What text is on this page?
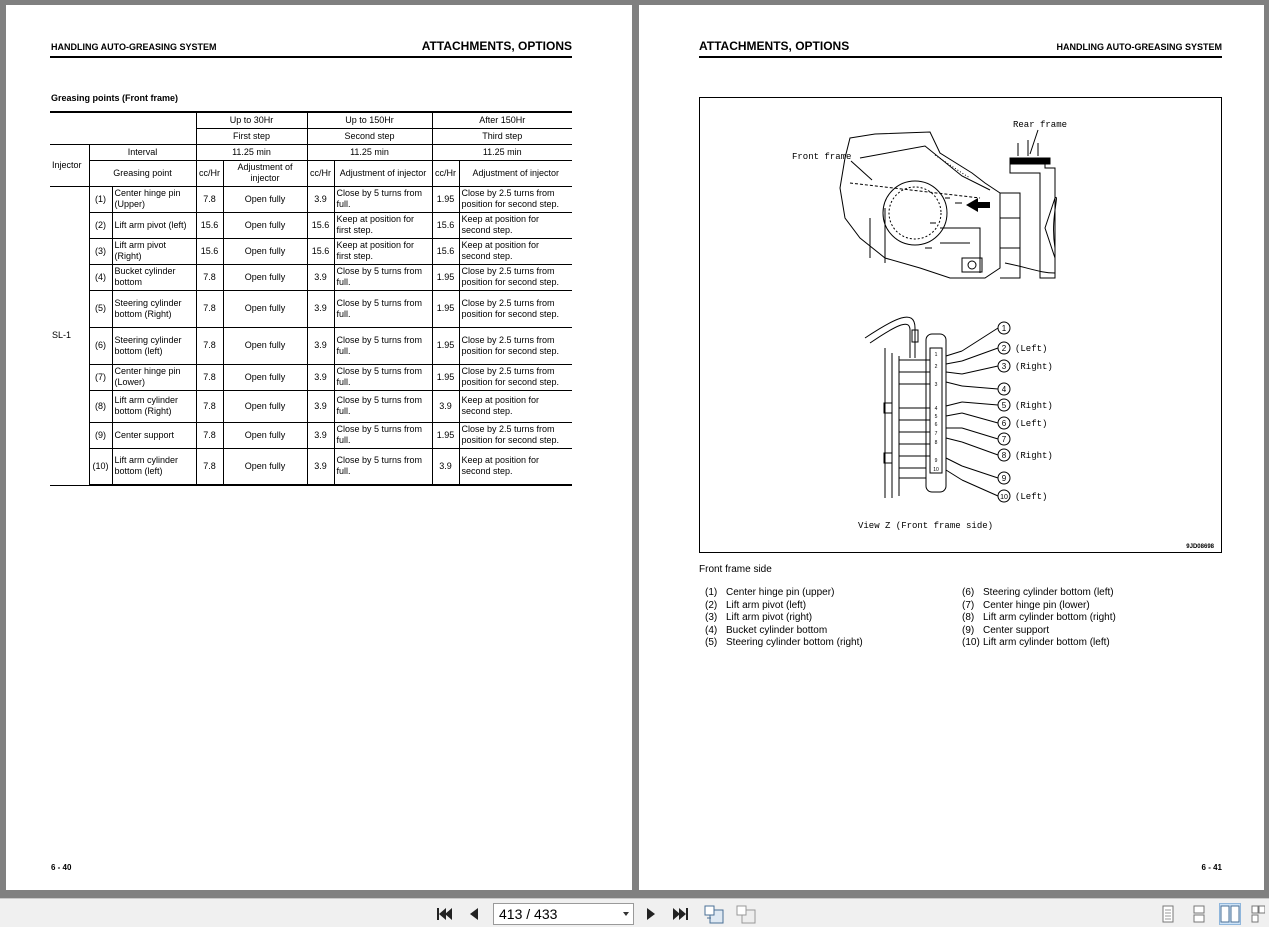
HANDLING AUTO-GREASING SYSTEM	ATTACHMENTS, OPTIONS
Greasing points (Front frame)
			Up to 30Hr		Up to 150Hr		After 150Hr	
			First step		Second step		Third step	
Injector	Interval		11.25 min		11.25 min		11.25 min	
	Greasing point		cc/Hr	Adjustment of injector	cc/Hr	Adjustment of injector	cc/Hr	Adjustment of injector
SL-1	(1)	Center hinge pin (Upper)	7.8	Open fully	3.9	Close by 5 turns from full.	1.95	Close by 2.5 turns from position for second step.
	(2)	Lift arm pivot (left)	15.6	Open fully	15.6	Keep at position for first step.	15.6	Keep at position for second step.
	(3)	Lift arm pivot (Right)	15.6	Open fully	15.6	Keep at position for first step.	15.6	Keep at position for second step.
	(4)	Bucket cylinder bottom	7.8	Open fully	3.9	Close by 5 turns from full.	1.95	Close by 2.5 turns from position for second step.
	(5)	Steering cylinder bottom (Right)	7.8	Open fully	3.9	Close by 5 turns from full.	1.95	Close by 2.5 turns from position for second step.
	(6)	Steering cylinder bottom (left)	7.8	Open fully	3.9	Close by 5 turns from full.	1.95	Close by 2.5 turns from position for second step.
	(7)	Center hinge pin (Lower)	7.8	Open fully	3.9	Close by 5 turns from full.	1.95	Close by 2.5 turns from position for second step.
	(8)	Lift arm cylinder bottom (Right)	7.8	Open fully	3.9	Close by 5 turns from full.	3.9	Keep at position for second step.
	(9)	Center support	7.8	Open fully	3.9	Close by 5 turns from full.	1.95	Close by 2.5 turns from position for second step.
	(10)	Lift arm cylinder bottom (left)	7.8	Open fully	3.9	Close by 5 turns from full.	3.9	Keep at position for second step.
6 - 40
ATTACHMENTS, OPTIONS	HANDLING AUTO-GREASING SYSTEM
1
2 (Left)
3 (Right)
4
5 (Right)
6 (Left)
7
8 (Right)
9
10 (Left)
1
2
3
4
5
6
7
8
9
10
Rear frame
Front frame
Z
View Z (Front frame side)
9JD08698
Front frame side
(1) Center hinge pin (upper)
(2) Lift arm pivot (left)
(3) Lift arm pivot (right)
(4) Bucket cylinder bottom
(5) Steering cylinder bottom (right)
(6) Steering cylinder bottom (left)
(7) Center hinge pin (lower)
(8) Lift arm cylinder bottom (right)
(9) Center support
(10) Lift arm cylinder bottom (left)
6 - 41
413 / 433
